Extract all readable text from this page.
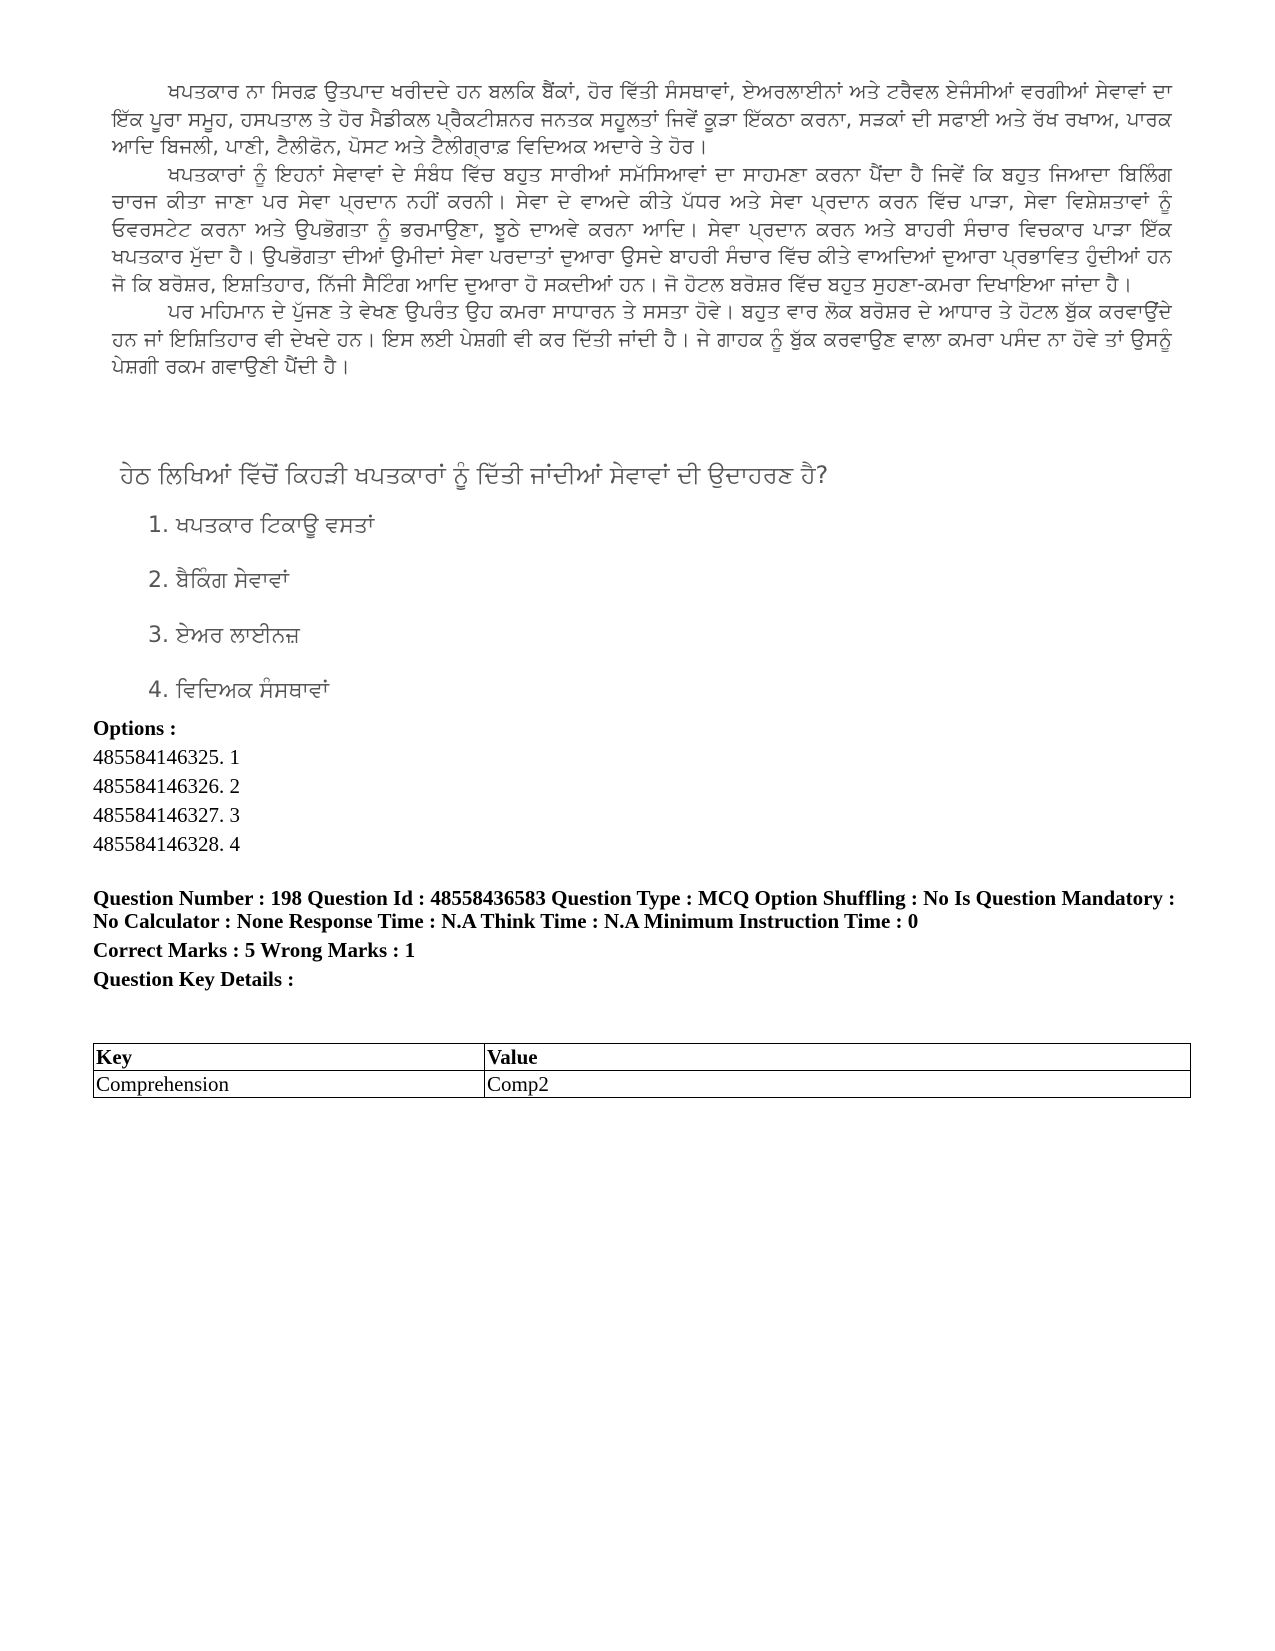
ਖਪਤਕਾਰ ਨਾ ਸਿਰਫ਼ ਉਤਪਾਦ ਖਰੀਦਦੇ ਹਨ ਬਲਕਿ ਬੈਂਕਾਂ, ਹੋਰ ਵਿੱਤੀ ਸੰਸਥਾਵਾਂ, ਏਅਰਲਾਈਨਾਂ ਅਤੇ ਟਰੈਵਲ ਏਜੰਸੀਆਂ ਵਰਗੀਆਂ ਸੇਵਾਵਾਂ ਦਾ ਇੱਕ ਪੂਰਾ ਸਮੂਹ, ਹਸਪਤਾਲ ਤੇ ਹੋਰ ਮੈਡੀਕਲ ਪ੍ਰੈਕਟੀਸ਼ਨਰ ਜਨਤਕ ਸਹੂਲਤਾਂ ਜਿਵੇਂ ਕੂੜਾ ਇੱਕਠਾ ਕਰਨਾ, ਸੜਕਾਂ ਦੀ ਸਫਾਈ ਅਤੇ ਰੱਖ ਰਖਾਅ, ਪਾਰਕ ਆਦਿ ਬਿਜਲੀ, ਪਾਣੀ, ਟੈਲੀਫੋਨ, ਪੋਸਟ ਅਤੇ ਟੈਲੀਗ੍ਰਾਫ਼ ਵਿਦਿਅਕ ਅਦਾਰੇ ਤੇ ਹੋਰ।

ਖਪਤਕਾਰਾਂ ਨੂੰ ਇਹਨਾਂ ਸੇਵਾਵਾਂ ਦੇ ਸੰਬੰਧ ਵਿੱਚ ਬਹੁਤ ਸਾਰੀਆਂ ਸਮੱਸਿਆਵਾਂ ਦਾ ਸਾਹਮਣਾ ਕਰਨਾ ਪੈਂਦਾ ਹੈ ਜਿਵੇਂ ਕਿ ਬਹੁਤ ਜਿਆਦਾ ਬਿਲਿੰਗ ਚਾਰਜ ਕੀਤਾ ਜਾਣਾ ਪਰ ਸੇਵਾ ਪ੍ਰਦਾਨ ਨਹੀਂ ਕਰਨੀ। ਸੇਵਾ ਦੇ ਵਾਅਦੇ ਕੀਤੇ ਪੱਧਰ ਅਤੇ ਸੇਵਾ ਪ੍ਰਦਾਨ ਕਰਨ ਵਿੱਚ ਪਾੜਾ, ਸੇਵਾ ਵਿਸ਼ੇਸ਼ਤਾਵਾਂ ਨੂੰ ਓਵਰਸਟੇਟ ਕਰਨਾ ਅਤੇ ਉਪਭੋਗਤਾ ਨੂੰ ਭਰਮਾਉਣਾ, ਝੂਠੇ ਦਾਅਵੇ ਕਰਨਾ ਆਦਿ। ਸੇਵਾ ਪ੍ਰਦਾਨ ਕਰਨ ਅਤੇ ਬਾਹਰੀ ਸੰਚਾਰ ਵਿਚਕਾਰ ਪਾੜਾ ਇੱਕ ਖਪਤਕਾਰ ਮੁੱਦਾ ਹੈ। ਉਪਭੋਗਤਾ ਦੀਆਂ ਉਮੀਦਾਂ ਸੇਵਾ ਪਰਦਾਤਾਂ ਦੁਆਰਾ ਉਸਦੇ ਬਾਹਰੀ ਸੰਚਾਰ ਵਿੱਚ ਕੀਤੇ ਵਾਅਦਿਆਂ ਦੁਆਰਾ ਪ੍ਰਭਾਵਿਤ ਹੁੰਦੀਆਂ ਹਨ ਜੋ ਕਿ ਬਰੋਸ਼ਰ, ਇਸ਼ਤਿਹਾਰ, ਨਿੱਜੀ ਸੈਟਿੰਗ ਆਦਿ ਦੁਆਰਾ ਹੋ ਸਕਦੀਆਂ ਹਨ। ਜੋ ਹੋਟਲ ਬਰੋਸ਼ਰ ਵਿੱਚ ਬਹੁਤ ਸੁਹਣਾ-ਕਮਰਾ ਦਿਖਾਇਆ ਜਾਂਦਾ ਹੈ।

ਪਰ ਮਹਿਮਾਨ ਦੇ ਪੁੱਜਣ ਤੇ ਵੇਖਣ ਉਪਰੰਤ ਉਹ ਕਮਰਾ ਸਾਧਾਰਨ ਤੇ ਸਸਤਾ ਹੋਵੇ। ਬਹੁਤ ਵਾਰ ਲੋਕ ਬਰੋਸ਼ਰ ਦੇ ਆਧਾਰ ਤੇ ਹੋਟਲ ਬੁੱਕ ਕਰਵਾਉਂਦੇ ਹਨ ਜਾਂ ਇਸ਼ਿਤਿਹਾਰ ਵੀ ਦੇਖਦੇ ਹਨ। ਇਸ ਲਈ ਪੇਸ਼ਗੀ ਵੀ ਕਰ ਦਿੱਤੀ ਜਾਂਦੀ ਹੈ। ਜੇ ਗਾਹਕ ਨੂੰ ਬੁੱਕ ਕਰਵਾਉਣ ਵਾਲਾ ਕਮਰਾ ਪਸੰਦ ਨਾ ਹੋਵੇ ਤਾਂ ਉਸਨੂੰ ਪੇਸ਼ਗੀ ਰਕਮ ਗਵਾਉਣੀ ਪੈਂਦੀ ਹੈ।

ਹੇਠ ਲਿਖਿਆਂ ਵਿੱਚੋਂ ਕਿਹੜੀ ਖਪਤਕਾਰਾਂ ਨੂੰ ਦਿੱਤੀ ਜਾਂਦੀਆਂ ਸੇਵਾਵਾਂ ਦੀ ਉਦਾਹਰਣ ਹੈ?

1. ਖਪਤਕਾਰ ਟਿਕਾਊ ਵਸਤਾਂ

2. ਬੈਕਿੰਗ ਸੇਵਾਵਾਂ

3. ਏਅਰ ਲਾਈਨਜ਼

4. ਵਿਦਿਅਕ ਸੰਸਥਾਵਾਂ

Options :

485584146325. 1

485584146326. 2

485584146327. 3

485584146328. 4

Question Number : 198 Question Id : 48558436583 Question Type : MCQ Option Shuffling : No Is Question Mandatory :

No Calculator : None Response Time : N.A Think Time : N.A Minimum Instruction Time : 0

Correct Marks : 5 Wrong Marks : 1

Question Key Details :

Key	Value
Comprehension	Comp2
